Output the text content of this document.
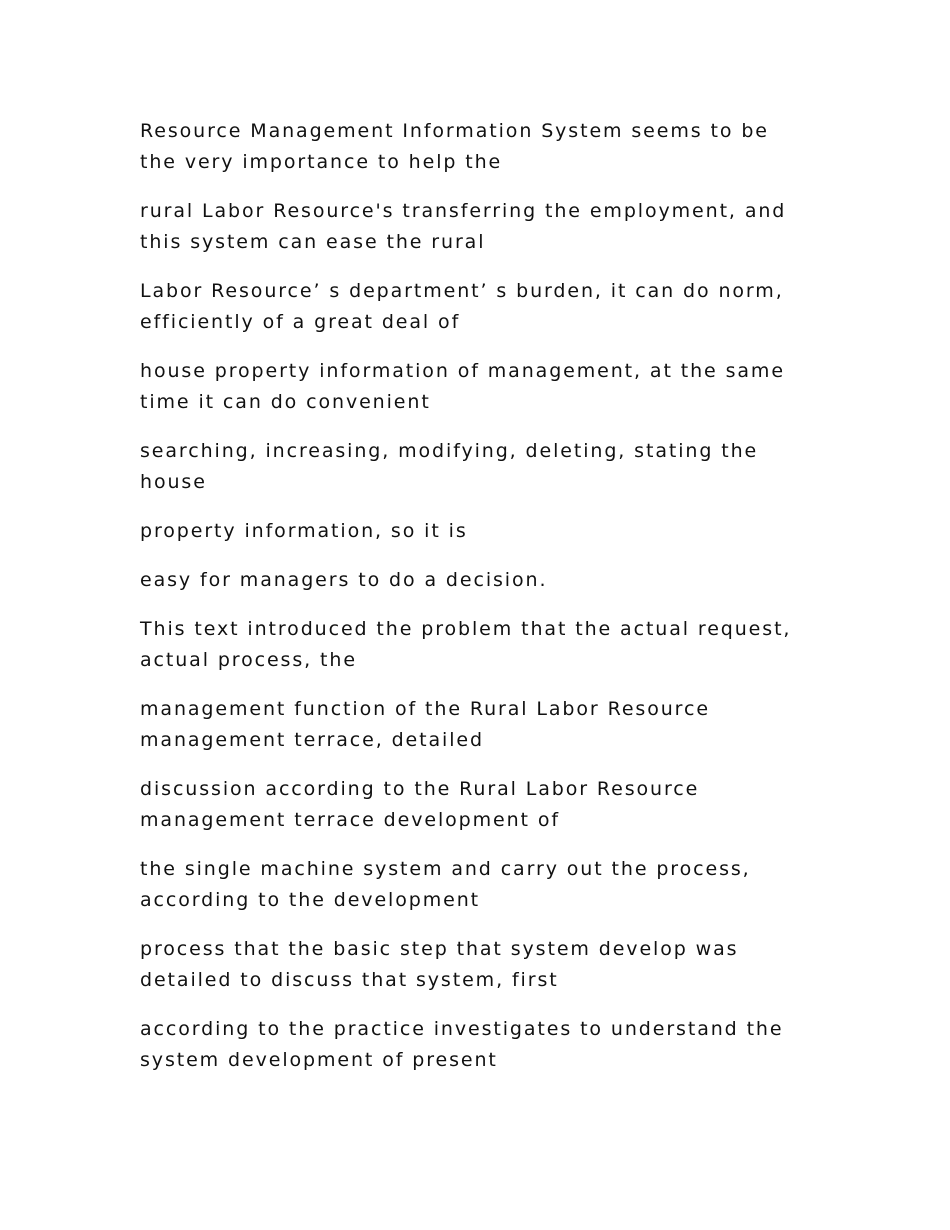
Resource Management Information System seems to be the very importance to help the

rural Labor Resource's transferring the employment, and this system can ease the rural

Labor Resource’ s department’ s burden, it can do norm, efficiently of a great deal of

house property information of management, at the same time it can do convenient

searching, increasing, modifying, deleting, stating the house

property information, so it is

easy for managers to do a decision.

This text introduced the problem that the actual request, actual process, the

management function of the Rural Labor Resource management terrace, detailed

discussion according to the Rural Labor Resource management terrace development of

the single machine system and carry out the process, according to the development

process that the basic step that system develop was detailed to discuss that system, first

according to the practice investigates to understand the system development of present
